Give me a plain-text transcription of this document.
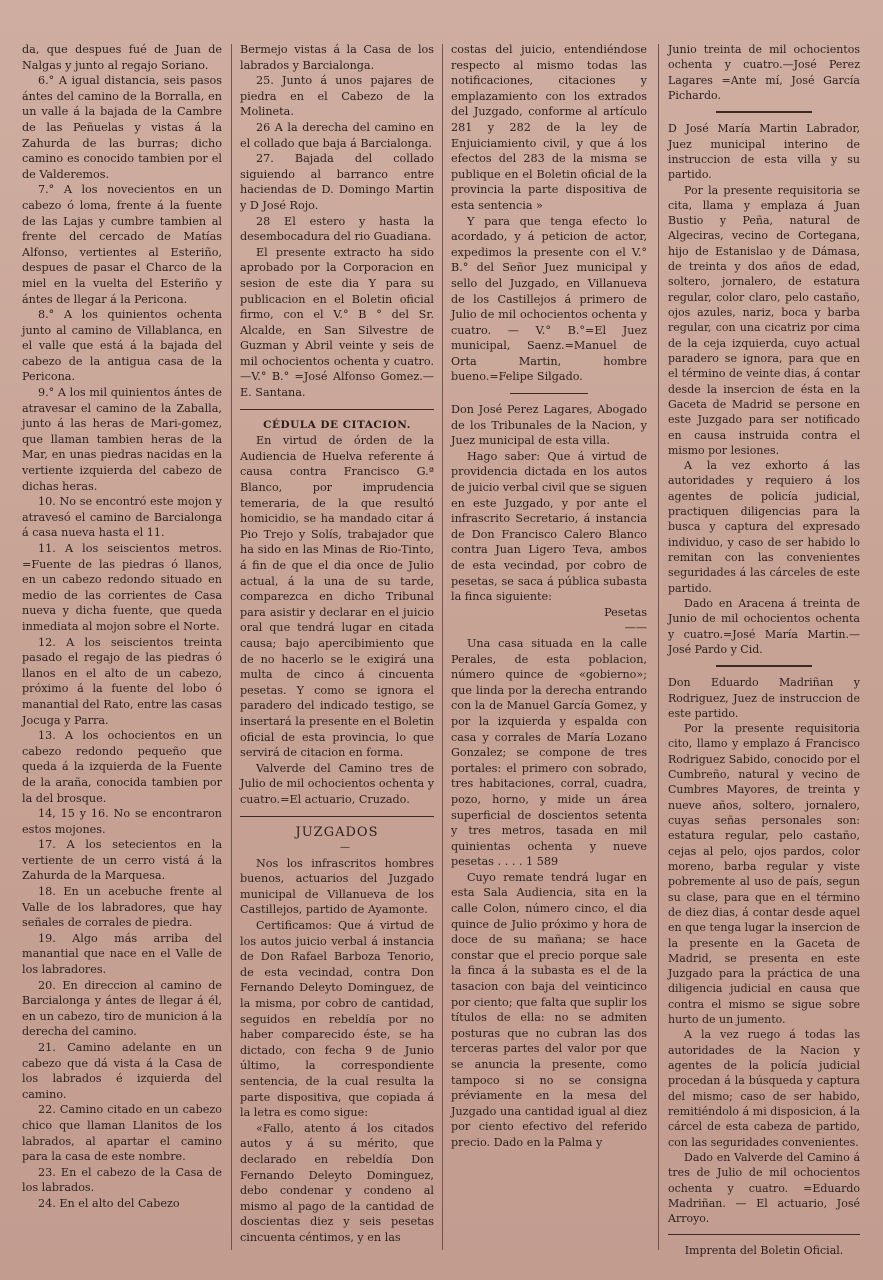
da, que despues fué de Juan de Nalgas y junto al regajo Soriano.

6.° A igual distancia, seis pasos ántes del camino de la Borralla, en un valle á la bajada de la Cambre de las Peñuelas y vistas á la Zahurda de las burras; dicho camino es conocido tambien por el de Valderemos.

7.° A los novecientos en un cabezo ó loma, frente á la fuente de las Lajas y cumbre tambien al frente del cercado de Matías Alfonso, vertientes al Esteriño, despues de pasar el Charco de la miel en la vuelta del Esteriño y ántes de llegar á la Pericona.

8.° A los quinientos ochenta junto al camino de Villablanca, en el valle que está á la bajada del cabezo de la antigua casa de la Pericona.

9.° A los mil quinientos ántes de atravesar el camino de la Zaballa, junto á las heras de Mari-gomez, que llaman tambien heras de la Mar, en unas piedras nacidas en la vertiente izquierda del cabezo de dichas heras.

10. No se encontró este mojon y atravesó el camino de Barcialonga á casa nueva hasta el 11.

11. A los seiscientos metros. =Fuente de las piedras ó llanos, en un cabezo redondo situado en medio de las corrientes de Casa nueva y dicha fuente, que queda inmediata al mojon sobre el Norte.

12. A los seiscientos treinta pasado el regajo de las piedras ó llanos en el alto de un cabezo, próximo á la fuente del lobo ó manantial del Rato, entre las casas Jocuga y Parra.

13. A los ochocientos en un cabezo redondo pequeño que queda á la izquierda de la Fuente de la araña, conocida tambien por la del brosque.

14, 15 y 16. No se encontraron estos mojones.

17. A los setecientos en la vertiente de un cerro vistá á la Zahurda de la Marquesa.

18. En un acebuche frente al Valle de los labradores, que hay señales de corrales de piedra.

19. Algo más arriba del manantial que nace en el Valle de los labradores.

20. En direccion al camino de Barcialonga y ántes de llegar á él, en un cabezo, tiro de municion á la derecha del camino.

21. Camino adelante en un cabezo que dá vista á la Casa de los labrados é izquierda del camino.

22. Camino citado en un cabezo chico que llaman Llanitos de los labrados, al apartar el camino para la casa de este nombre.

23. En el cabezo de la Casa de los labrados.

24. En el alto del Cabezo

Bermejo vistas á la Casa de los labrados y Barcialonga.

25. Junto á unos pajares de piedra en el Cabezo de la Molineta.

26 A la derecha del camino en el collado que baja á Barcialonga.

27. Bajada del collado siguiendo al barranco entre haciendas de D. Domingo Martin y D José Rojo.

28 El estero y hasta la desembocadura del rio Guadiana.

El presente extracto ha sido aprobado por la Corporacion en sesion de este dia Y para su publicacion en el Boletin oficial firmo, con el V.° B ° del Sr. Alcalde, en San Silvestre de Guzman y Abril veinte y seis de mil ochocientos ochenta y cuatro.—V.° B.° =José Alfonso Gomez.—E. Santana.

CÉDULA DE CITACION.

En virtud de órden de la Audiencia de Huelva referente á causa contra Francisco G.ª Blanco, por imprudencia temeraria, de la que resultó homicidio, se ha mandado citar á Pio Trejo y Solís, trabajador que ha sido en las Minas de Rio-Tinto, á fin de que el dia once de Julio actual, á la una de su tarde, comparezca en dicho Tribunal para asistir y declarar en el juicio oral que tendrá lugar en citada causa; bajo apercibimiento que de no hacerlo se le exigirá una multa de cinco á cincuenta pesetas. Y como se ignora el paradero del indicado testigo, se insertará la presente en el Boletin oficial de esta provincia, lo que servirá de citacion en forma.

Valverde del Camino tres de Julio de mil ochocientos ochenta y cuatro.=El actuario, Cruzado.

JUZGADOS

—

Nos los infrascritos hombres buenos, actuarios del Juzgado municipal de Villanueva de los Castillejos, partido de Ayamonte.

Certificamos: Que á virtud de los autos juicio verbal á instancia de Don Rafael Barboza Tenorio, de esta vecindad, contra Don Fernando Deleyto Dominguez, de la misma, por cobro de cantidad, seguidos en rebeldía por no haber comparecido éste, se ha dictado, con fecha 9 de Junio último, la correspondiente sentencia, de la cual resulta la parte dispositiva, que copiada á la letra es como sigue:

«Fallo, atento á los citados autos y á su mérito, que declarado en rebeldía Don Fernando Deleyto Dominguez, debo condenar y condeno al mismo al pago de la cantidad de doscientas diez y seis pesetas cincuenta céntimos, y en las

costas del juicio, entendiéndose respecto al mismo todas las notificaciones, citaciones y emplazamiento con los extrados del Juzgado, conforme al artículo 281 y 282 de la ley de Enjuiciamiento civil, y que á los efectos del 283 de la misma se publique en el Boletin oficial de la provincia la parte dispositiva de esta sentencia »

Y para que tenga efecto lo acordado, y á peticion de actor, expedimos la presente con el V.° B.° del Señor Juez municipal y sello del Juzgado, en Villanueva de los Castillejos á primero de Julio de mil ochocientos ochenta y cuatro. — V.° B.°=El Juez municipal, Saenz.=Manuel de Orta Martin, hombre bueno.=Felipe Silgado.

Don José Perez Lagares, Abogado de los Tribunales de la Nacion, y Juez municipal de esta villa.

Hago saber: Que á virtud de providencia dictada en los autos de juicio verbal civil que se siguen en este Juzgado, y por ante el infrascrito Secretario, á instancia de Don Francisco Calero Blanco contra Juan Ligero Teva, ambos de esta vecindad, por cobro de pesetas, se saca á pública subasta la finca siguiente:

Pesetas

——

Una casa situada en la calle Perales, de esta poblacion, número quince de «gobierno»; que linda por la derecha entrando con la de Manuel García Gomez, y por la izquierda y espalda con casa y corrales de María Lozano Gonzalez; se compone de tres portales: el primero con sobrado, tres habitaciones, corral, cuadra, pozo, horno, y mide un área superficial de doscientos setenta y tres metros, tasada en mil quinientas ochenta y nueve pesetas . . . . 1 589

Cuyo remate tendrá lugar en esta Sala Audiencia, sita en la calle Colon, número cinco, el dia quince de Julio próximo y hora de doce de su mañana; se hace constar que el precio porque sale la finca á la subasta es el de la tasacion con baja del veinticinco por ciento; que falta que suplir los títulos de ella: no se admiten posturas que no cubran las dos terceras partes del valor por que se anuncia la presente, como tampoco si no se consigna préviamente en la mesa del Juzgado una cantidad igual al diez por ciento efectivo del referido precio. Dado en la Palma y

Junio treinta de mil ochocientos ochenta y cuatro.—José Perez Lagares =Ante mí, José García Pichardo.

D José María Martin Labrador, Juez municipal interino de instruccion de esta villa y su partido.

Por la presente requisitoria se cita, llama y emplaza á Juan Bustio y Peña, natural de Algeciras, vecino de Cortegana, hijo de Estanislao y de Dámasa, de treinta y dos años de edad, soltero, jornalero, de estatura regular, color claro, pelo castaño, ojos azules, nariz, boca y barba regular, con una cicatriz por cima de la ceja izquierda, cuyo actual paradero se ignora, para que en el término de veinte dias, á contar desde la insercion de ésta en la Gaceta de Madrid se persone en este Juzgado para ser notificado en causa instruida contra el mismo por lesiones.

A la vez exhorto á las autoridades y requiero á los agentes de policía judicial, practiquen diligencias para la busca y captura del expresado individuo, y caso de ser habido lo remitan con las convenientes seguridades á las cárceles de este partido.

Dado en Aracena á treinta de Junio de mil ochocientos ochenta y cuatro.=José María Martin.—José Pardo y Cid.

Don Eduardo Madriñan y Rodriguez, Juez de instruccion de este partido.

Por la presente requisitoria cito, llamo y emplazo á Francisco Rodriguez Sabido, conocido por el Cumbreño, natural y vecino de Cumbres Mayores, de treinta y nueve años, soltero, jornalero, cuyas señas personales son: estatura regular, pelo castaño, cejas al pelo, ojos pardos, color moreno, barba regular y viste pobremente al uso de país, segun su clase, para que en el término de diez dias, á contar desde aquel en que tenga lugar la insercion de la presente en la Gaceta de Madrid, se presenta en este Juzgado para la práctica de una diligencia judicial en causa que contra el mismo se sigue sobre hurto de un jumento.

A la vez ruego á todas las autoridades de la Nacion y agentes de la policía judicial procedan á la búsqueda y captura del mismo; caso de ser habido, remitiéndolo á mi disposicion, á la cárcel de esta cabeza de partido, con las seguridades convenientes.

Dado en Valverde del Camino á tres de Julio de mil ochocientos ochenta y cuatro. =Eduardo Madriñan. — El actuario, José Arroyo.

Imprenta del Boletin Oficial.
